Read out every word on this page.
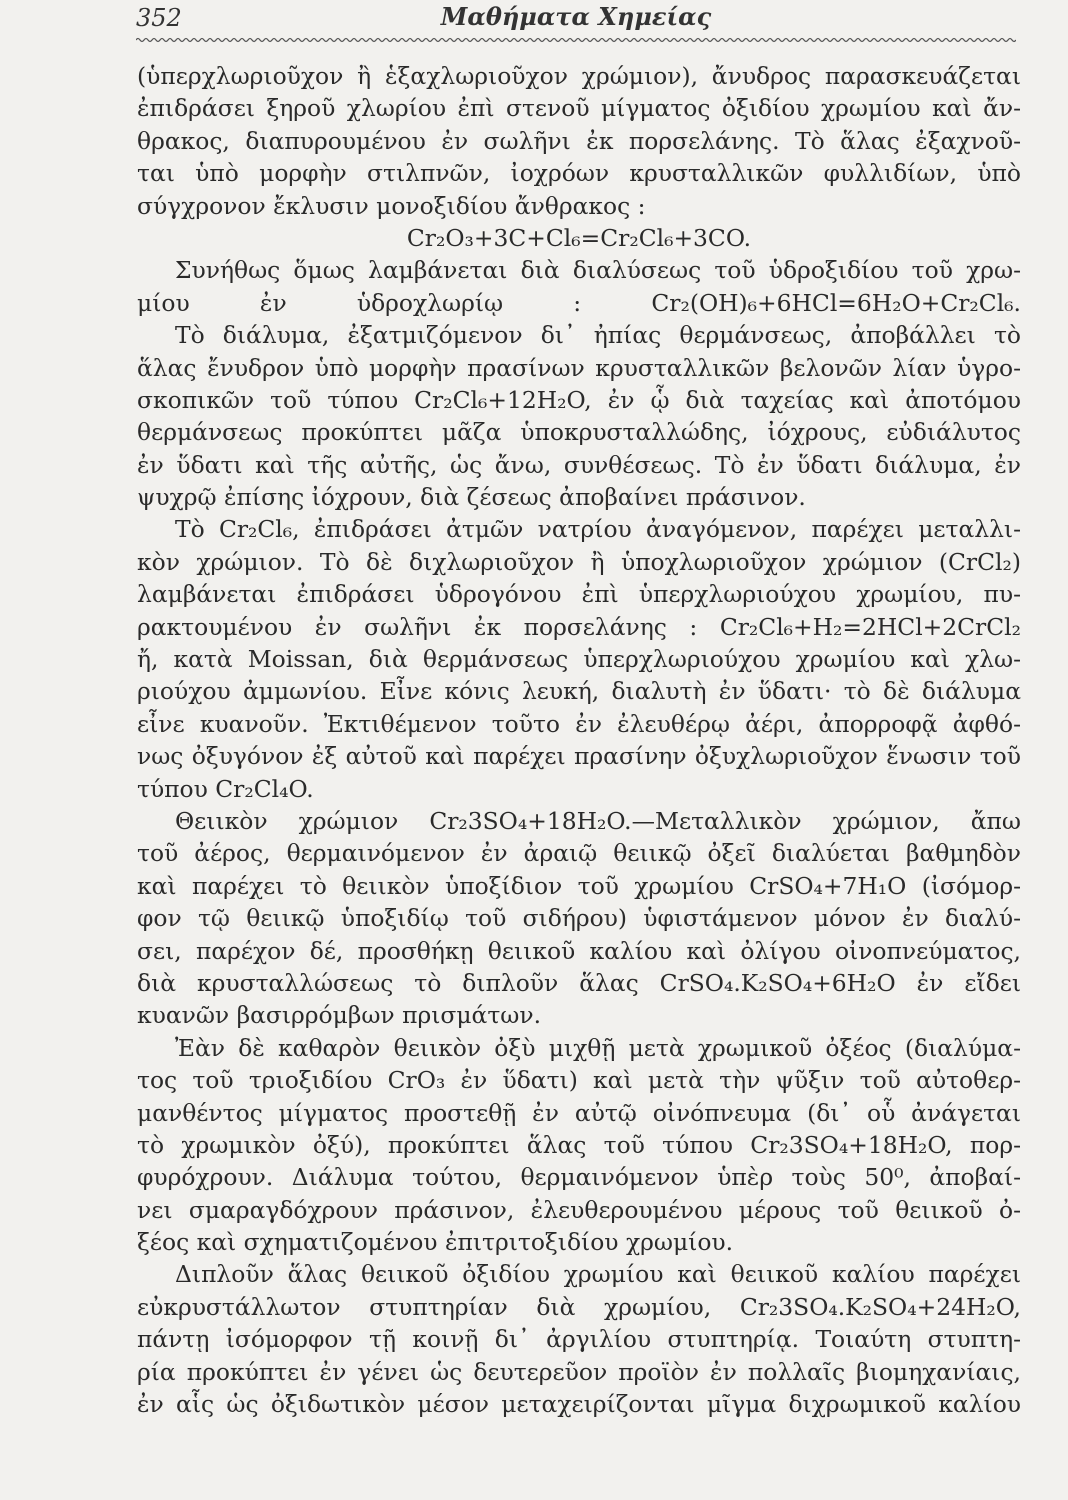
352	Μαθήματα Χημείας
(ὑπερχλωριοῦχον ἢ ἑξαχλωριοῦχον χρώμιον), ἄνυδρος παρασκευάζεται
ἐπιδράσει ξηροῦ χλωρίου ἐπὶ στενοῦ μίγματος ὀξιδίου χρωμίου καὶ ἄν-
θρακος, διαπυρουμένου ἐν σωλῆνι ἐκ πορσελάνης. Τὸ ἅλας ἐξαχνοῦ-
ται ὑπὸ μορφὴν στιλπνῶν, ἰοχρόων κρυσταλλικῶν φυλλιδίων, ὑπὸ
σύγχρονον ἔκλυσιν μονοξιδίου ἄνθρακος :
Cr₂O₃+3C+Cl₆=Cr₂Cl₆+3CO.
Συνήθως ὅμως λαμβάνεται διὰ διαλύσεως τοῦ ὑδροξιδίου τοῦ χρω-
μίου ἐν ὑδροχλωρίῳ : Cr₂(OH)₆+6HCl=6H₂O+Cr₂Cl₆.
Τὸ διάλυμα, ἐξατμιζόμενον δι᾽ ἠπίας θερμάνσεως, ἀποβάλλει τὸ
ἅλας ἔνυδρον ὑπὸ μορφὴν πρασίνων κρυσταλλικῶν βελονῶν λίαν ὑγρο-
σκοπικῶν τοῦ τύπου Cr₂Cl₆+12H₂O, ἐν ᾧ διὰ ταχείας καὶ ἀποτόμου
θερμάνσεως προκύπτει μᾶζα ὑποκρυσταλλώδης, ἰόχρους, εὐδιάλυτος
ἐν ὕδατι καὶ τῆς αὐτῆς, ὡς ἄνω, συνθέσεως. Τὸ ἐν ὕδατι διάλυμα, ἐν
ψυχρῷ ἐπίσης ἰόχρουν, διὰ ζέσεως ἀποβαίνει πράσινον.
Τὸ Cr₂Cl₆, ἐπιδράσει ἀτμῶν νατρίου ἀναγόμενον, παρέχει μεταλλι-
κὸν χρώμιον. Τὸ δὲ διχλωριοῦχον ἢ ὑποχλωριοῦχον χρώμιον (CrCl₂)
λαμβάνεται ἐπιδράσει ὑδρογόνου ἐπὶ ὑπερχλωριούχου χρωμίου, πυ-
ρακτουμένου ἐν σωλῆνι ἐκ πορσελάνης : Cr₂Cl₆+H₂=2HCl+2CrCl₂
ἤ, κατὰ Moissan, διὰ θερμάνσεως ὑπερχλωριούχου χρωμίου καὶ χλω-
ριούχου ἀμμωνίου. Εἶνε κόνις λευκή, διαλυτὴ ἐν ὕδατι· τὸ δὲ διάλυμα
εἶνε κυανοῦν. Ἐκτιθέμενον τοῦτο ἐν ἐλευθέρῳ ἀέρι, ἀπορροφᾷ ἀφθό-
νως ὀξυγόνον ἐξ αὐτοῦ καὶ παρέχει πρασίνην ὀξυχλωριοῦχον ἕνωσιν τοῦ
τύπου Cr₂Cl₄O.
Θειικὸν χρώμιον Cr₂3SO₄+18H₂O.—Μεταλλικὸν χρώμιον, ἄπω
τοῦ ἀέρος, θερμαινόμενον ἐν ἀραιῷ θειικῷ ὀξεῖ διαλύεται βαθμηδὸν
καὶ παρέχει τὸ θειικὸν ὑποξίδιον τοῦ χρωμίου CrSO₄+7H₁O (ἰσόμορ-
φον τῷ θειικῷ ὑποξιδίῳ τοῦ σιδήρου) ὑφιστάμενον μόνον ἐν διαλύ-
σει, παρέχον δέ, προσθήκῃ θειικοῦ καλίου καὶ ὀλίγου οἰνοπνεύματος,
διὰ κρυσταλλώσεως τὸ διπλοῦν ἅλας CrSO₄.K₂SO₄+6H₂O ἐν εἴδει
κυανῶν βασιρρόμβων πρισμάτων.
Ἐὰν δὲ καθαρὸν θειικὸν ὀξὺ μιχθῇ μετὰ χρωμικοῦ ὀξέος (διαλύμα-
τος τοῦ τριοξιδίου CrO₃ ἐν ὕδατι) καὶ μετὰ τὴν ψῦξιν τοῦ αὐτοθερ-
μανθέντος μίγματος προστεθῇ ἐν αὐτῷ οἰνόπνευμα (δι᾽ οὗ ἀνάγεται
τὸ χρωμικὸν ὀξύ), προκύπτει ἅλας τοῦ τύπου Cr₂3SO₄+18H₂O, πορ-
φυρόχρουν. Διάλυμα τούτου, θερμαινόμενον ὑπὲρ τοὺς 50⁰, ἀποβαί-
νει σμαραγδόχρουν πράσινον, ἐλευθερουμένου μέρους τοῦ θειικοῦ ὀ-
ξέος καὶ σχηματιζομένου ἐπιτριτοξιδίου χρωμίου.
Διπλοῦν ἅλας θειικοῦ ὀξιδίου χρωμίου καὶ θειικοῦ καλίου παρέχει
εὐκρυστάλλωτον στυπτηρίαν διὰ χρωμίου, Cr₂3SO₄.K₂SO₄+24H₂O,
πάντῃ ἰσόμορφον τῇ κοινῇ δι᾽ ἀργιλίου στυπτηρίᾳ. Τοιαύτη στυπτη-
ρία προκύπτει ἐν γένει ὡς δευτερεῦον προϊὸν ἐν πολλαῖς βιομηχανίαις,
ἐν αἷς ὡς ὀξιδωτικὸν μέσον μεταχειρίζονται μῖγμα διχρωμικοῦ καλίου
